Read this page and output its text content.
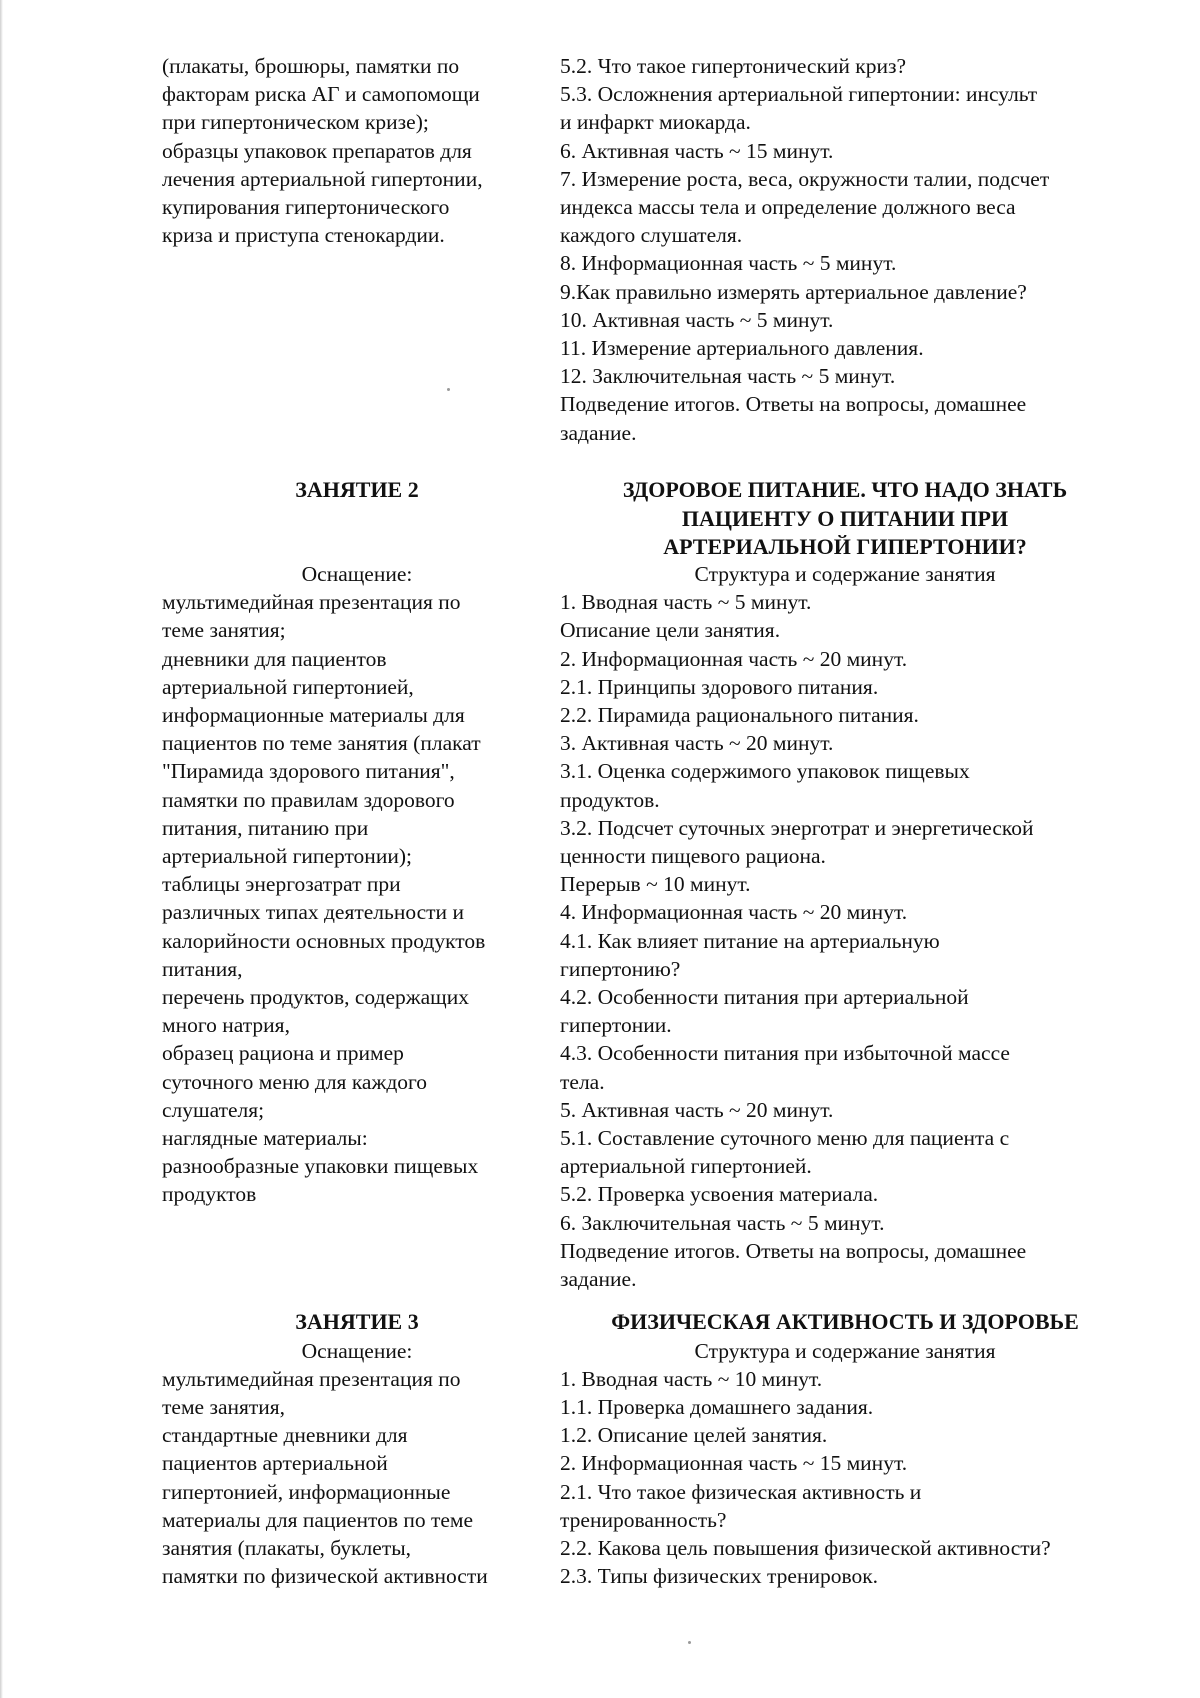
(плакаты, брошюры, памятки по
факторам риска АГ и самопомощи
при гипертоническом кризе);
образцы упаковок препаратов для
лечения артериальной гипертонии,
купирования гипертонического
криза и приступа стенокардии.
5.2. Что такое гипертонический криз?
5.3. Осложнения артериальной гипертонии: инсульт
и инфаркт миокарда.
6. Активная часть ~ 15 минут.
7. Измерение роста, веса, окружности талии, подсчет
индекса массы тела и определение должного веса
каждого слушателя.
8. Информационная часть ~ 5 минут.
9.Как правильно измерять артериальное давление?
10. Активная часть ~ 5 минут.
11. Измерение артериального давления.
12. Заключительная часть ~ 5 минут.
Подведение итогов. Ответы на вопросы, домашнее
задание.
ЗАНЯТИЕ 2	ЗДОРОВОЕ ПИТАНИЕ. ЧТО НАДО ЗНАТЬ
ПАЦИЕНТУ О ПИТАНИИ ПРИ
АРТЕРИАЛЬНОЙ ГИПЕРТОНИИ?
Оснащение:
мультимедийная презентация по
теме занятия;
дневники для пациентов
артериальной гипертонией,
информационные материалы для
пациентов по теме занятия (плакат
"Пирамида здорового питания",
памятки по правилам здорового
питания, питанию при
артериальной гипертонии);
таблицы энергозатрат при
различных типах деятельности и
калорийности основных продуктов
питания,
перечень продуктов, содержащих
много натрия,
образец рациона и пример
суточного меню для каждого
слушателя;
наглядные материалы:
разнообразные упаковки пищевых
продуктов
Структура и содержание занятия
1. Вводная часть ~ 5 минут.
Описание цели занятия.
2. Информационная часть ~ 20 минут.
2.1. Принципы здорового питания.
2.2. Пирамида рационального питания.
3. Активная часть ~ 20 минут.
3.1. Оценка содержимого упаковок пищевых
продуктов.
3.2. Подсчет суточных энерготрат и энергетической
ценности пищевого рациона.
Перерыв ~ 10 минут.
4. Информационная часть ~ 20 минут.
4.1. Как влияет питание на артериальную
гипертонию?
4.2. Особенности питания при артериальной
гипертонии.
4.3. Особенности питания при избыточной массе
тела.
5. Активная часть ~ 20 минут.
5.1. Составление суточного меню для пациента с
артериальной гипертонией.
5.2. Проверка усвоения материала.
6. Заключительная часть ~ 5 минут.
Подведение итогов. Ответы на вопросы, домашнее
задание.
ЗАНЯТИЕ 3
Оснащение:
мультимедийная презентация по
теме занятия,
стандартные дневники для
пациентов артериальной
гипертонией, информационные
материалы для пациентов по теме
занятия (плакаты, буклеты,
памятки по физической активности
ФИЗИЧЕСКАЯ АКТИВНОСТЬ И ЗДОРОВЬЕ
Структура и содержание занятия
1. Вводная часть ~ 10 минут.
1.1. Проверка домашнего задания.
1.2. Описание целей занятия.
2. Информационная часть ~ 15 минут.
2.1. Что такое физическая активность и
тренированность?
2.2. Какова цель повышения физической активности?
2.3. Типы физических тренировок.
